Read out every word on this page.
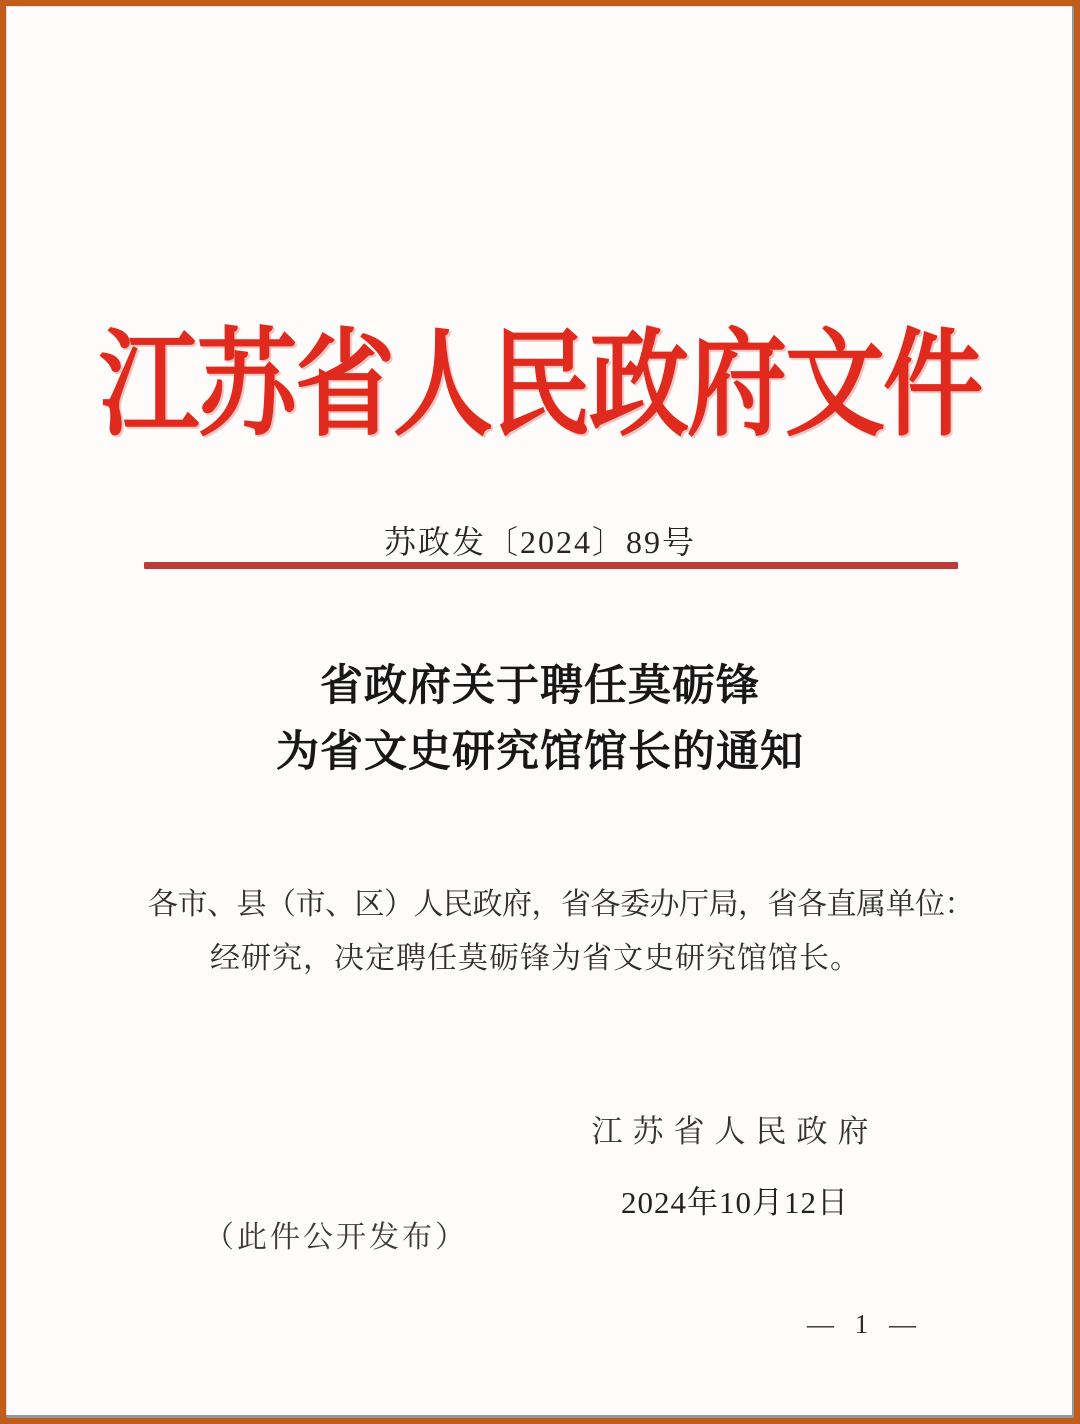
江苏省人民政府文件
苏政发〔2024〕89号
省政府关于聘任莫砺锋
为省文史研究馆馆长的通知

各市、县（市、区）人民政府，省各委办厅局，省各直属单位：

经研究，决定聘任莫砺锋为省文史研究馆馆长。

江苏省人民政府
2024年10月12日
（此件公开发布）
— 1 —
